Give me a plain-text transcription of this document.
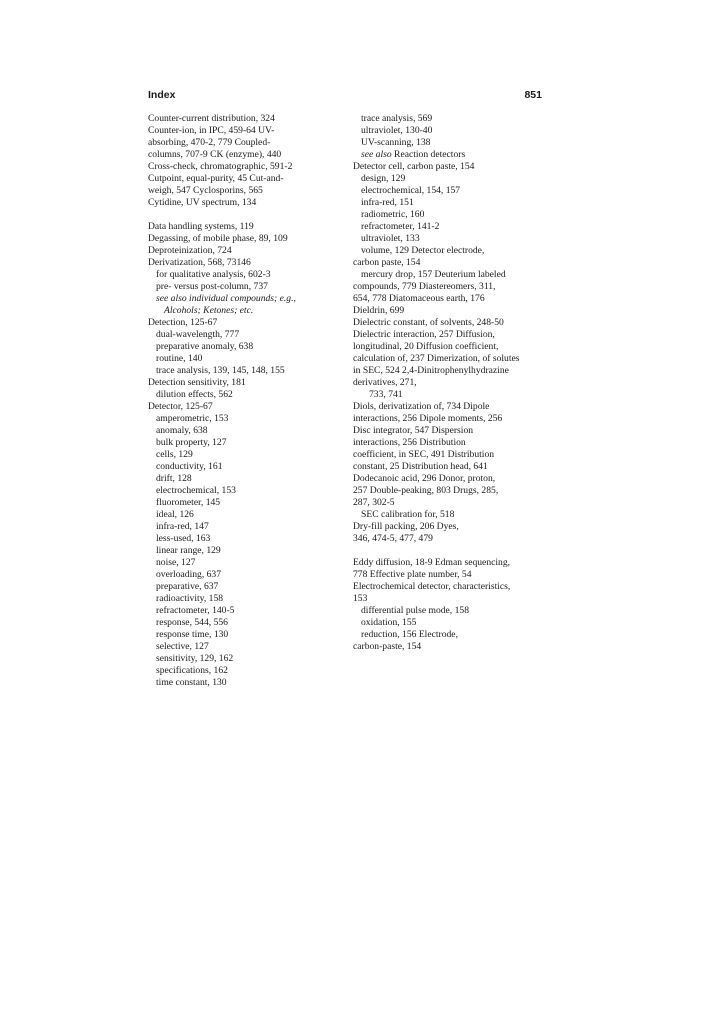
Index	851
Counter-current distribution, 324
Counter-ion, in IPC, 459-64 UV-
absorbing, 470-2, 779 Coupled-
columns, 707-9 CK (enzyme), 440
Cross-check, chromatographic, 591-2
Cutpoint, equal-purity, 45 Cut-and-
weigh, 547 Cyclosporins, 565
Cytidine, UV spectrum, 134
Data handling systems, 119
Degassing, of mobile phase, 89, 109
Deproteinization, 724
Derivatization, 568, 73146
for qualitative analysis, 602-3
pre- versus post-column, 737
see also individual compounds; e.g.,
Alcohols; Ketones; etc.
Detection, 125-67
dual-wavelength, 777
preparative anomaly, 638
routine, 140
trace analysis, 139, 145, 148, 155
Detection sensitivity, 181
dilution effects, 562
Detector, 125-67
amperometric, 153
anomaly, 638
bulk property, 127
cells, 129
conductivity, 161
drift, 128
electrochemical, 153
fluorometer, 145
ideal, 126
infra-red, 147
less-used, 163
linear range, 129
noise, 127
overloading, 637
preparative, 637
radioactivity, 158
refractometer, 140-5
response, 544, 556
response time, 130
selective, 127
sensitivity, 129, 162
specifications, 162
time constant, 130
trace analysis, 569
ultraviolet, 130-40
UV-scanning, 138
see also Reaction detectors
Detector cell, carbon paste, 154
design, 129
electrochemical, 154, 157
infra-red, 151
radiometric, 160
refractometer, 141-2
ultraviolet, 133
volume, 129 Detector electrode,
carbon paste, 154
mercury drop, 157 Deuterium labeled
compounds, 779 Diastereomers, 311,
654, 778 Diatomaceous earth, 176
Dieldrin, 699
Dielectric constant, of solvents, 248-50
Dielectric interaction, 257 Diffusion,
longitudinal, 20 Diffusion coefficient,
calculation of, 237 Dimerization, of solutes
in SEC, 524 2,4-Dinitrophenylhydrazine
derivatives, 271,
733, 741
Diols, derivatization of, 734 Dipole
interactions, 256 Dipole moments, 256
Disc integrator, 547 Dispersion
interactions, 256 Distribution
coefficient, in SEC, 491 Distribution
constant, 25 Distribution head, 641
Dodecanoic acid, 296 Donor, proton,
257 Double-peaking, 803 Drugs, 285,
287, 302-5
SEC calibration for, 518
Dry-fill packing, 206 Dyes,
346, 474-5, 477, 479
Eddy diffusion, 18-9 Edman sequencing,
778 Effective plate number, 54
Electrochemical detector, characteristics,
153
differential pulse mode, 158
oxidation, 155
reduction, 156 Electrode,
carbon-paste, 154
